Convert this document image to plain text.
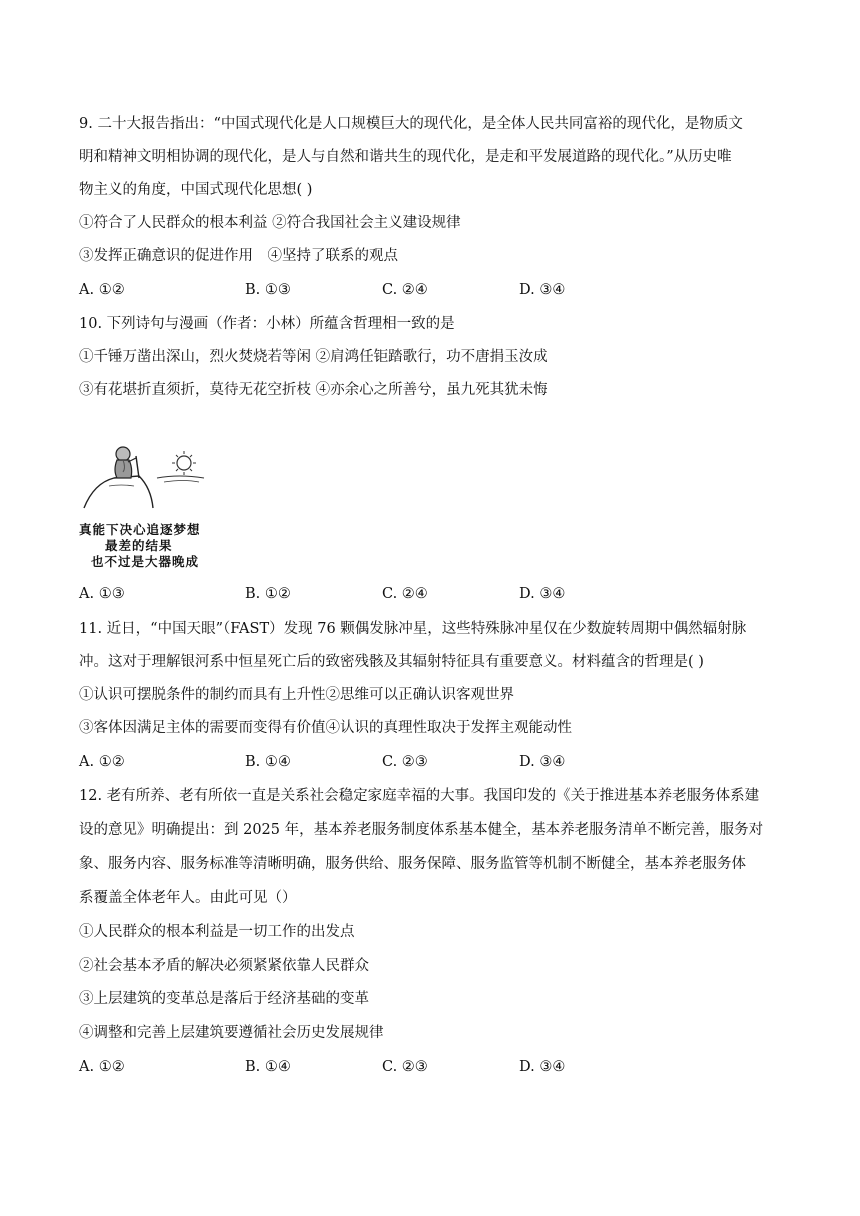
9. 二十大报告指出：“中国式现代化是人口规模巨大的现代化，是全体人民共同富裕的现代化，是物质文
明和精神文明相协调的现代化，是人与自然和谐共生的现代化，是走和平发展道路的现代化。”从历史唯
物主义的角度，中国式现代化思想( )
①符合了人民群众的根本利益 ②符合我国社会主义建设规律
③发挥正确意识的促进作用　④坚持了联系的观点
A. ①②	B. ①③	C. ②④	D. ③④
10. 下列诗句与漫画（作者：小林）所蕴含哲理相一致的是
①千锤万凿出深山，烈火焚烧若等闲 ②肩鸿任钜踏歌行，功不唐捐玉汝成
③有花堪折直须折，莫待无花空折枝 ④亦余心之所善兮，虽九死其犹未悔
真能下决心追逐梦想
最差的结果
也不过是大器晚成
A. ①③	B. ①②	C. ②④	D. ③④
11. 近日，“中国天眼”（FAST）发现 76 颗偶发脉冲星，这些特殊脉冲星仅在少数旋转周期中偶然辐射脉
冲。这对于理解银河系中恒星死亡后的致密残骸及其辐射特征具有重要意义。材料蕴含的哲理是( )
①认识可摆脱条件的制约而具有上升性②思维可以正确认识客观世界
③客体因满足主体的需要而变得有价值④认识的真理性取决于发挥主观能动性
A. ①②	B. ①④	C. ②③	D. ③④
12. 老有所养、老有所依一直是关系社会稳定家庭幸福的大事。我国印发的《关于推进基本养老服务体系建
设的意见》明确提出：到 2025 年，基本养老服务制度体系基本健全，基本养老服务清单不断完善，服务对
象、服务内容、服务标准等清晰明确，服务供给、服务保障、服务监管等机制不断健全，基本养老服务体
系覆盖全体老年人。由此可见（）
①人民群众的根本利益是一切工作的出发点
②社会基本矛盾的解决必须紧紧依靠人民群众
③上层建筑的变革总是落后于经济基础的变革
④调整和完善上层建筑要遵循社会历史发展规律
A. ①②	B. ①④	C. ②③	D. ③④
